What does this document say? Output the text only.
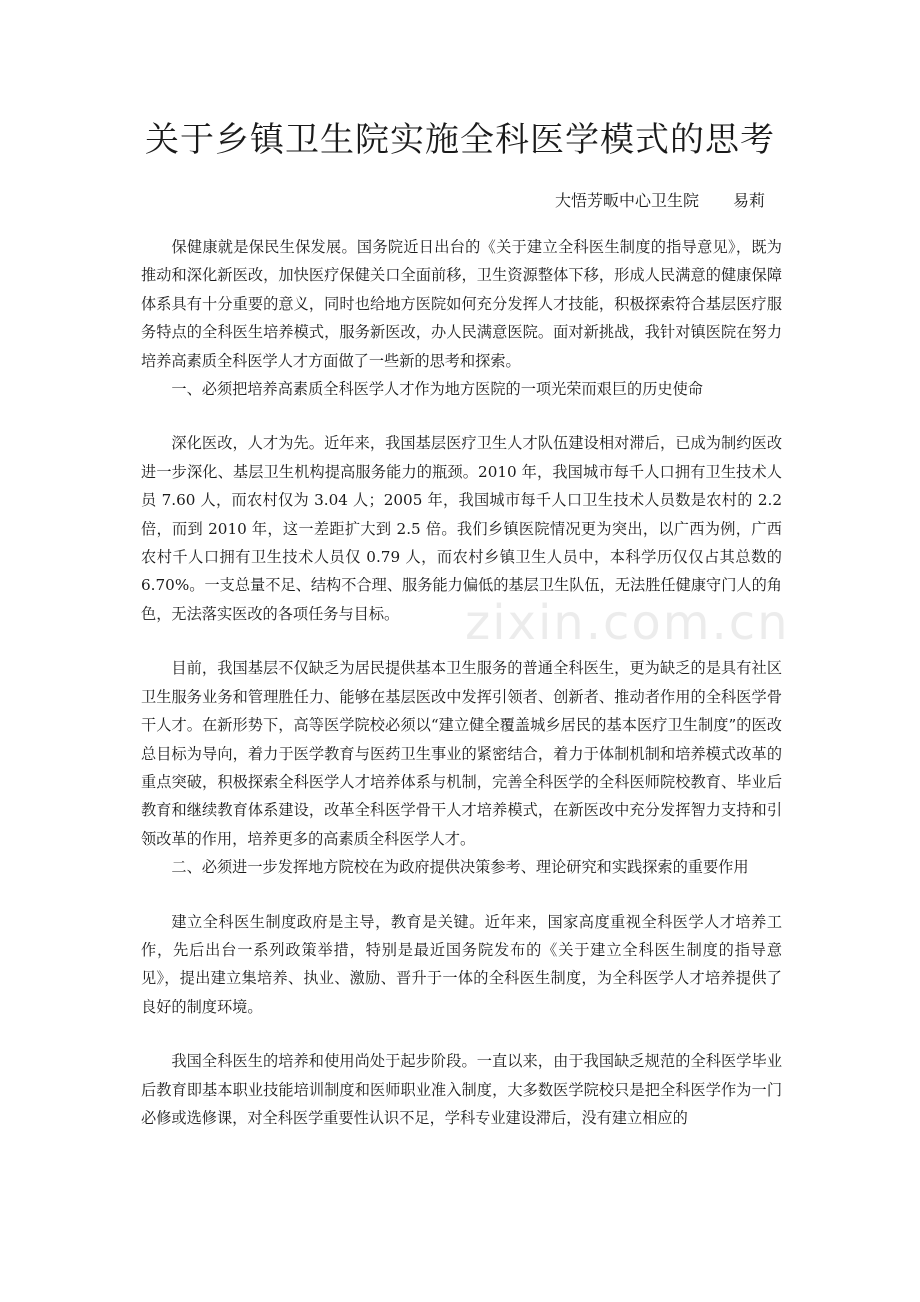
关于乡镇卫生院实施全科医学模式的思考
大悟芳畈中心卫生院 易莉

保健康就是保民生保发展。国务院近日出台的《关于建立全科医生制度的指导意见》，既为推动和深化新医改，加快医疗保健关口全面前移，卫生资源整体下移，形成人民满意的健康保障体系具有十分重要的意义，同时也给地方医院如何充分发挥人才技能，积极探索符合基层医疗服务特点的全科医生培养模式，服务新医改，办人民满意医院。面对新挑战，我针对镇医院在努力培养高素质全科医学人才方面做了一些新的思考和探索。

一、必须把培养高素质全科医学人才作为地方医院的一项光荣而艰巨的历史使命

深化医改，人才为先。近年来，我国基层医疗卫生人才队伍建设相对滞后，已成为制约医改进一步深化、基层卫生机构提高服务能力的瓶颈。2010 年，我国城市每千人口拥有卫生技术人员 7.60 人，而农村仅为 3.04 人；2005 年，我国城市每千人口卫生技术人员数是农村的 2.2 倍，而到 2010 年，这一差距扩大到 2.5 倍。我们乡镇医院情况更为突出，以广西为例，广西农村千人口拥有卫生技术人员仅 0.79 人，而农村乡镇卫生人员中，本科学历仅仅占其总数的 6.70%。一支总量不足、结构不合理、服务能力偏低的基层卫生队伍，无法胜任健康守门人的角色，无法落实医改的各项任务与目标。

目前，我国基层不仅缺乏为居民提供基本卫生服务的普通全科医生，更为缺乏的是具有社区卫生服务业务和管理胜任力、能够在基层医改中发挥引领者、创新者、推动者作用的全科医学骨干人才。在新形势下，高等医学院校必须以“建立健全覆盖城乡居民的基本医疗卫生制度”的医改总目标为导向，着力于医学教育与医药卫生事业的紧密结合，着力于体制机制和培养模式改革的重点突破，积极探索全科医学人才培养体系与机制，完善全科医学的全科医师院校教育、毕业后教育和继续教育体系建设，改革全科医学骨干人才培养模式，在新医改中充分发挥智力支持和引领改革的作用，培养更多的高素质全科医学人才。

二、必须进一步发挥地方院校在为政府提供决策参考、理论研究和实践探索的重要作用

建立全科医生制度政府是主导，教育是关键。近年来，国家高度重视全科医学人才培养工作，先后出台一系列政策举措，特别是最近国务院发布的《关于建立全科医生制度的指导意见》，提出建立集培养、执业、激励、晋升于一体的全科医生制度，为全科医学人才培养提供了良好的制度环境。

我国全科医生的培养和使用尚处于起步阶段。一直以来，由于我国缺乏规范的全科医学毕业后教育即基本职业技能培训制度和医师职业准入制度，大多数医学院校只是把全科医学作为一门必修或选修课，对全科医学重要性认识不足，学科专业建设滞后，没有建立相应的

zixin.com.cn
